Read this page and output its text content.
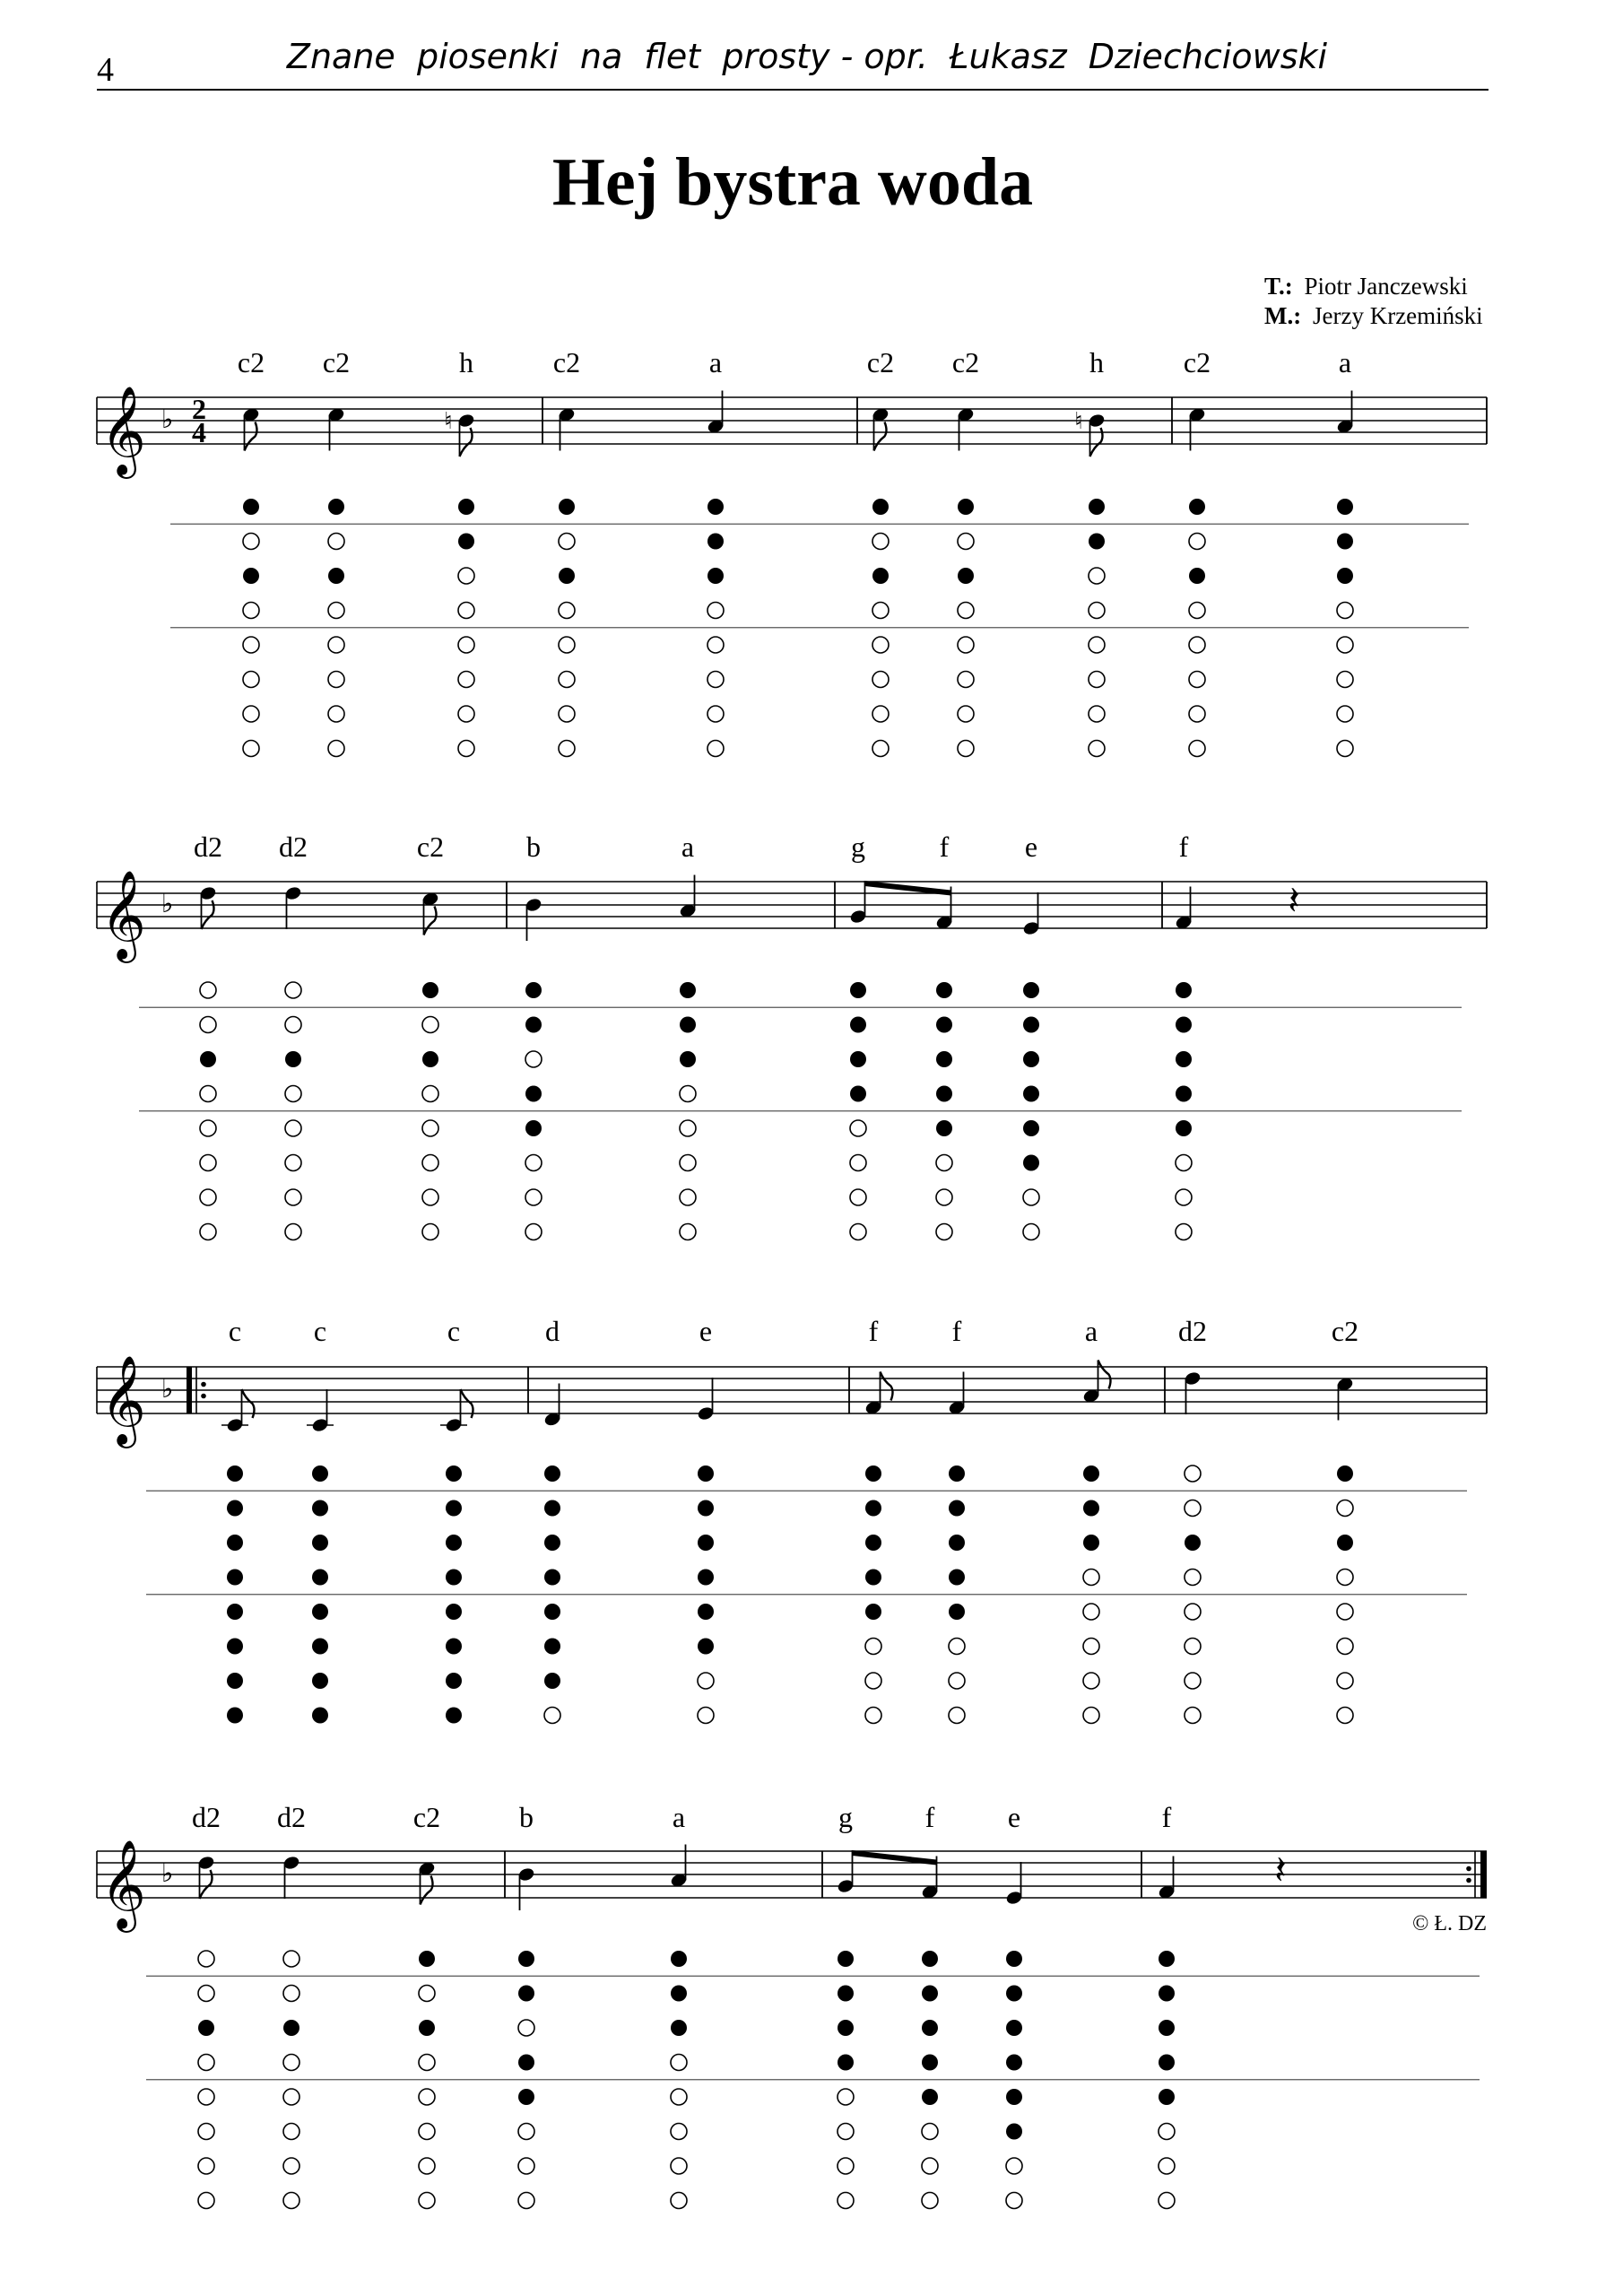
4	Znane  piosenki  na  flet  prosty - opr.  Łukasz  Dziechciowski
Hej bystra woda
T.: Piotr Janczewski
M.: Jerzy Krzemiński
𝄞 ♭ 2
4
c2 c2	h
♮
c2	a	c2 c2	h
♮
c2	a
𝄞 ♭
d2 d2	c2	b	a	g	f	e	f
𝄽
𝄞 ♭
c	c	c	d	e	f	f	a	d2	c2
𝄞 ♭
d2 d2	c2	b	a	g	f	e	f
𝄽
© Ł. DZ
